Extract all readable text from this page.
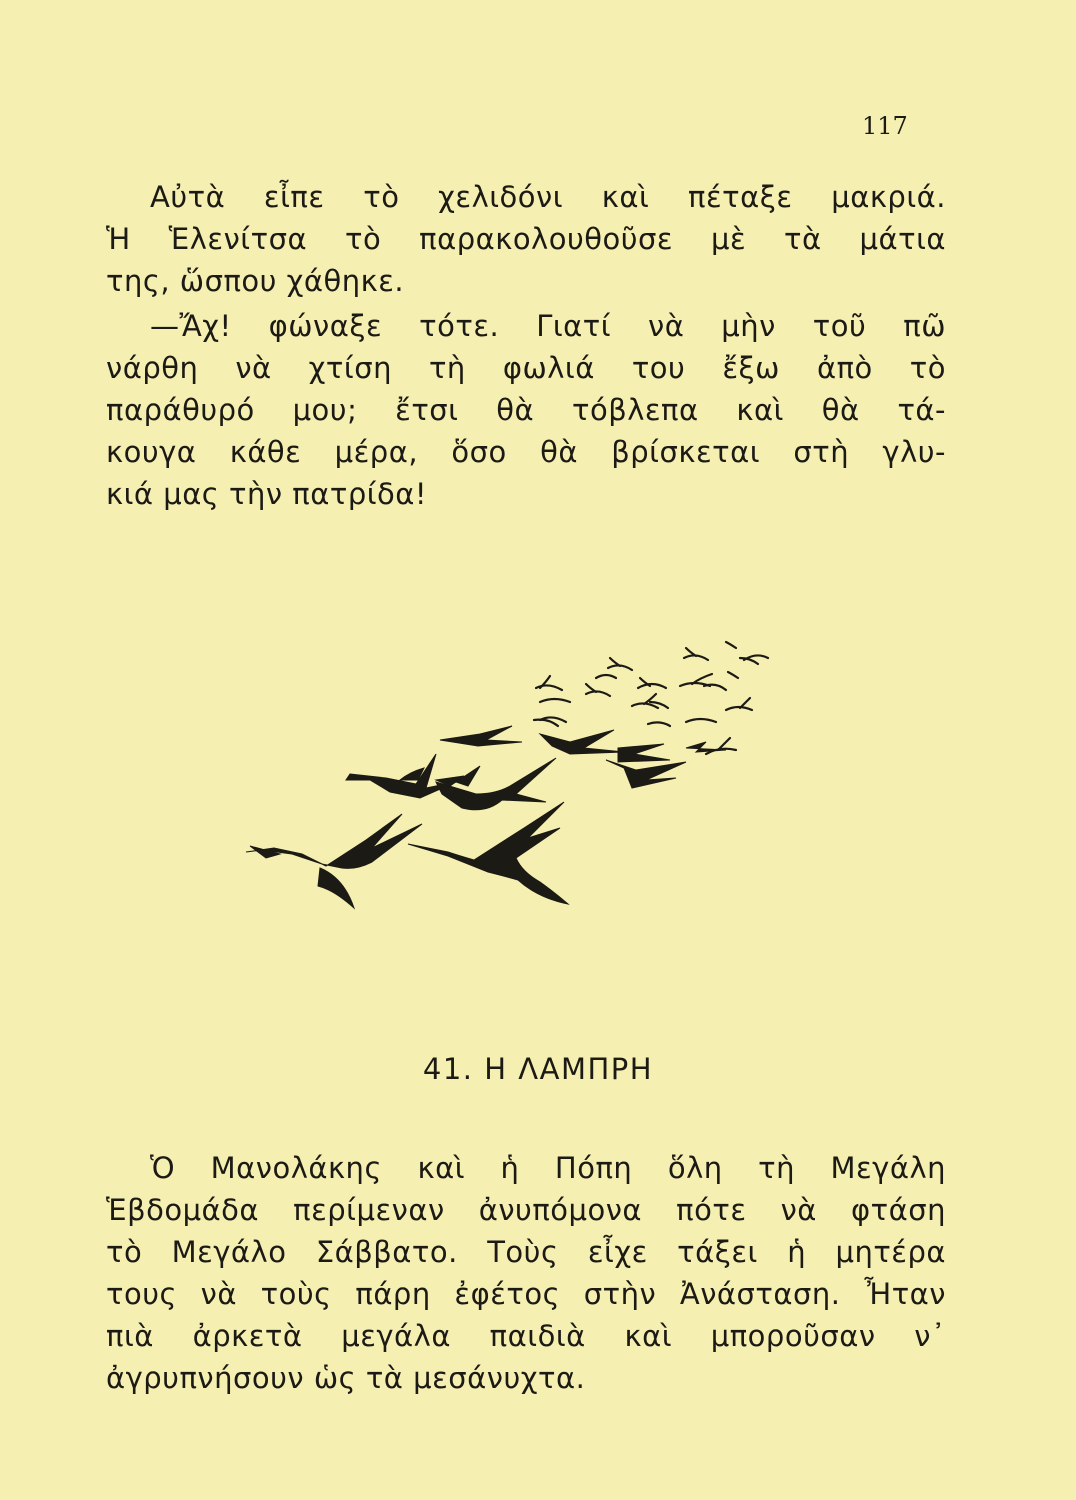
117
Αὐτὰ εἶπε τὸ χελιδόνι καὶ πέταξε μακριά.
Ἡ Ἑλενίτσα τὸ παρακολουθοῦσε μὲ τὰ μάτια
της, ὥσπου χάθηκε.
—Ἄχ! φώναξε τότε. Γιατί νὰ μὴν τοῦ πῶ
νάρθη νὰ χτίση τὴ φωλιά του ἔξω ἀπὸ τὸ
παράθυρό μου; ἔτσι θὰ τόβλεπα καὶ θὰ τά-
κουγα κάθε μέρα, ὅσο θὰ βρίσκεται στὴ γλυ-
κιά μας τὴν πατρίδα!
41. Η ΛΑΜΠΡΗ
Ὁ Μανολάκης καὶ ἡ Πόπη ὅλη τὴ Μεγάλη
Ἑβδομάδα περίμεναν ἀνυπόμονα πότε νὰ φτάση
τὸ Μεγάλο Σάββατο. Τοὺς εἶχε τάξει ἡ μητέρα
τους νὰ τοὺς πάρη ἐφέτος στὴν Ἀνάσταση. Ἦταν
πιὰ ἀρκετὰ μεγάλα παιδιὰ καὶ μποροῦσαν ν᾽
ἀγρυπνήσουν ὡς τὰ μεσάνυχτα.
